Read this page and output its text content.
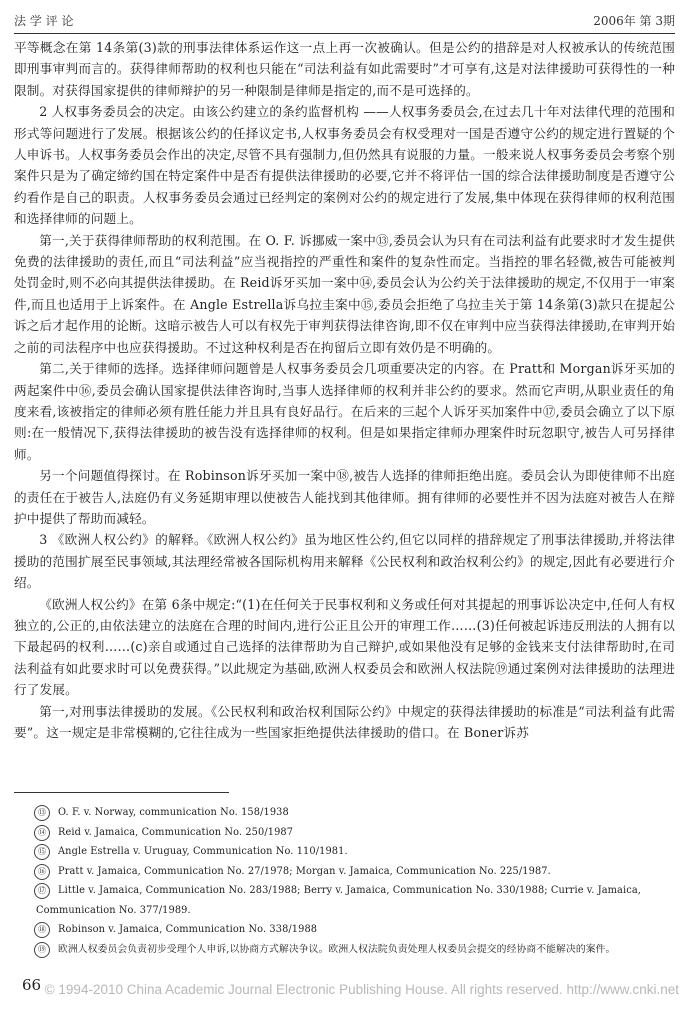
法 学 评 论	2006年 第 3期

平等概念在第 14条第(3)款的刑事法律体系运作这一点上再一次被确认。但是公约的措辞是对人权被承认的传统范围即刑事审判而言的。获得律师帮助的权利也只能在“司法利益有如此需要时”才可享有,这是对法律援助可获得性的一种限制。对获得国家提供的律师辩护的另一种限制是律师是指定的,而不是可选择的。

2 人权事务委员会的决定。由该公约建立的条约监督机构 ——人权事务委员会,在过去几十年对法律代理的范围和形式等问题进行了发展。根据该公约的任择议定书,人权事务委员会有权受理对一国是否遵守公约的规定进行置疑的个人申诉书。人权事务委员会作出的决定,尽管不具有强制力,但仍然具有说服的力量。一般来说人权事务委员会考察个别案件只是为了确定缔约国在特定案件中是否有提供法律援助的必要,它并不将评估一国的综合法律援助制度是否遵守公约看作是自己的职责。人权事务委员会通过已经判定的案例对公约的规定进行了发展,集中体现在获得律师的权利范围和选择律师的问题上。

第一,关于获得律师帮助的权利范围。在 O. F. 诉挪威一案中⑬,委员会认为只有在司法利益有此要求时才发生提供免费的法律援助的责任,而且“司法利益”应当视指控的严重性和案件的复杂性而定。当指控的罪名轻微,被告可能被判处罚金时,则不必向其提供法律援助。在 Reid诉牙买加一案中⑭,委员会认为公约关于法律援助的规定,不仅用于一审案件,而且也适用于上诉案件。在 Angle Estrella诉乌拉圭案中⑮,委员会拒绝了乌拉圭关于第 14条第(3)款只在提起公诉之后才起作用的论断。这暗示被告人可以有权先于审判获得法律咨询,即不仅在审判中应当获得法律援助,在审判开始之前的司法程序中也应获得援助。不过这种权利是否在拘留后立即有效仍是不明确的。

第二,关于律师的选择。选择律师问题曾是人权事务委员会几项重要决定的内容。在 Pratt和 Morgan诉牙买加的两起案件中⑯,委员会确认国家提供法律咨询时,当事人选择律师的权利并非公约的要求。然而它声明,从职业责任的角度来看,该被指定的律师必须有胜任能力并且具有良好品行。在后来的三起个人诉牙买加案件中⑰,委员会确立了以下原则:在一般情况下,获得法律援助的被告没有选择律师的权利。但是如果指定律师办理案件时玩忽职守,被告人可另择律师。

另一个问题值得探讨。在 Robinson诉牙买加一案中⑱,被告人选择的律师拒绝出庭。委员会认为即使律师不出庭的责任在于被告人,法庭仍有义务延期审理以使被告人能找到其他律师。拥有律师的必要性并不因为法庭对被告人在辩护中提供了帮助而减轻。

3 《欧洲人权公约》的解释。《欧洲人权公约》虽为地区性公约,但它以同样的措辞规定了刑事法律援助,并将法律援助的范围扩展至民事领域,其法理经常被各国际机构用来解释《公民权利和政治权利公约》的规定,因此有必要进行介绍。

《欧洲人权公约》在第 6条中规定:“(1)在任何关于民事权利和义务或任何对其提起的刑事诉讼决定中,任何人有权独立的,公正的,由依法建立的法庭在合理的时间内,进行公正且公开的审理工作……(3)任何被起诉违反刑法的人拥有以下最起码的权利……(c)亲自或通过自己选择的法律帮助为自己辩护,或如果他没有足够的金钱来支付法律帮助时,在司法利益有如此要求时可以免费获得。”以此规定为基础,欧洲人权委员会和欧洲人权法院⑲通过案例对法律援助的法理进行了发展。

第一,对刑事法律援助的发展。《公民权利和政治权利国际公约》中规定的获得法律援助的标准是“司法利益有此需要”。这一规定是非常模糊的,它往往成为一些国家拒绝提供法律援助的借口。在 Boner诉苏

⑬ O. F. v. Norway, communication No. 158/1938

⑭ Reid v. Jamaica, Communication No. 250/1987

⑮ Angle Estrella v. Uruguay, Communication No. 110/1981.

⑯ Pratt v. Jamaica, Communication No. 27/1978; Morgan v. Jamaica, Communication No. 225/1987.

⑰ Little v. Jamaica, Communication No. 283/1988; Berry v. Jamaica, Communication No. 330/1988; Currie v. Jamaica, Communication No. 377/1989.

⑱ Robinson v. Jamaica, Communication No. 338/1988

⑲ 欧洲人权委员会负责初步受理个人申诉,以协商方式解决争议。欧洲人权法院负责处理人权委员会提交的经协商不能解决的案件。

66 © 1994-2010 China Academic Journal Electronic Publishing House. All rights reserved. http://www.cnki.net
